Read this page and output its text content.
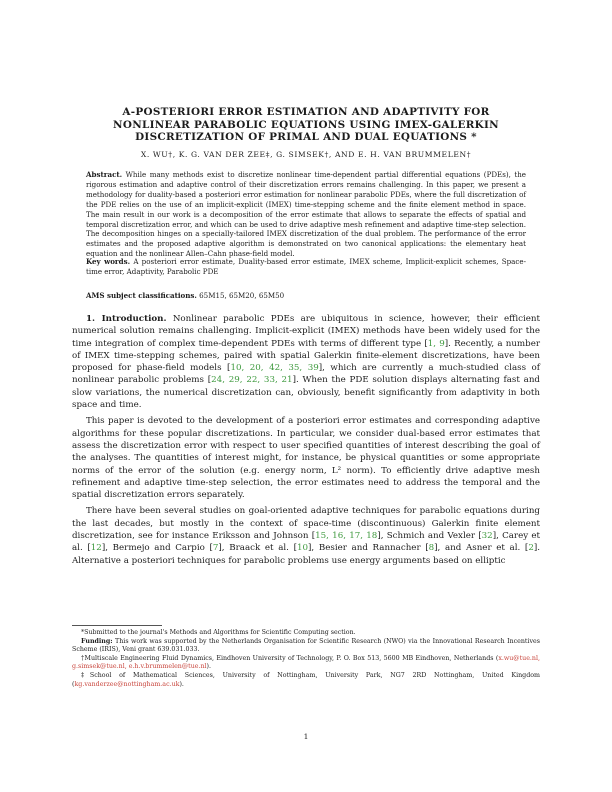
A-POSTERIORI ERROR ESTIMATION AND ADAPTIVITY FOR
NONLINEAR PARABOLIC EQUATIONS USING IMEX-GALERKIN
DISCRETIZATION OF PRIMAL AND DUAL EQUATIONS *
X. WU†, K. G. VAN DER ZEE‡, G. SIMSEK†, AND E. H. VAN BRUMMELEN†
Abstract. While many methods exist to discretize nonlinear time-dependent partial differential equations (PDEs), the rigorous estimation and adaptive control of their discretization errors remains challenging. In this paper, we present a methodology for duality-based a posteriori error estimation for nonlinear parabolic PDEs, where the full discretization of the PDE relies on the use of an implicit-explicit (IMEX) time-stepping scheme and the finite element method in space. The main result in our work is a decomposition of the error estimate that allows to separate the effects of spatial and temporal discretization error, and which can be used to drive adaptive mesh refinement and adaptive time-step selection. The decomposition hinges on a specially-tailored IMEX discretization of the dual problem. The performance of the error estimates and the proposed adaptive algorithm is demonstrated on two canonical applications: the elementary heat equation and the nonlinear Allen–Cahn phase-field model.
Key words. A posteriori error estimate, Duality-based error estimate, IMEX scheme, Implicit-explicit schemes, Space-time error, Adaptivity, Parabolic PDE
AMS subject classifications. 65M15, 65M20, 65M50

1. Introduction. Nonlinear parabolic PDEs are ubiquitous in science, however, their efficient numerical solution remains challenging. Implicit-explicit (IMEX) methods have been widely used for the time integration of complex time-dependent PDEs with terms of different type [1, 9]. Recently, a number of IMEX time-stepping schemes, paired with spatial Galerkin finite-element discretizations, have been proposed for phase-field models [10, 20, 42, 35, 39], which are currently a much-studied class of nonlinear parabolic problems [24, 29, 22, 33, 21]. When the PDE solution displays alternating fast and slow variations, the numerical discretization can, obviously, benefit significantly from adaptivity in both space and time.

This paper is devoted to the development of a posteriori error estimates and corresponding adaptive algorithms for these popular discretizations. In particular, we consider dual-based error estimates that assess the discretization error with respect to user specified quantities of interest describing the goal of the analyses. The quantities of interest might, for instance, be physical quantities or some appropriate norms of the error of the solution (e.g. energy norm, L² norm). To efficiently drive adaptive mesh refinement and adaptive time-step selection, the error estimates need to address the temporal and the spatial discretization errors separately.

There have been several studies on goal-oriented adaptive techniques for parabolic equations during the last decades, but mostly in the context of space-time (discontinuous) Galerkin finite element discretization, see for instance Eriksson and Johnson [15, 16, 17, 18], Schmich and Vexler [32], Carey et al. [12], Bermejo and Carpio [7], Braack et al. [10], Besier and Rannacher [8], and Asner et al. [2]. Alternative a posteriori techniques for parabolic problems use energy arguments based on elliptic

*Submitted to the journal's Methods and Algorithms for Scientific Computing section.

Funding: This work was supported by the Netherlands Organisation for Scientific Research (NWO) via the Innovational Research Incentives Scheme (IRIS), Veni grant 639.031.033.

†Multiscale Engineering Fluid Dynamics, Eindhoven University of Technology, P. O. Box 513, 5600 MB Eindhoven, Netherlands (x.wu@tue.nl, g.simsek@tue.nl, e.h.v.brummelen@tue.nl).

‡School of Mathematical Sciences, University of Nottingham, University Park, NG7 2RD Nottingham, United Kingdom (kg.vanderzee@nottingham.ac.uk).

1
